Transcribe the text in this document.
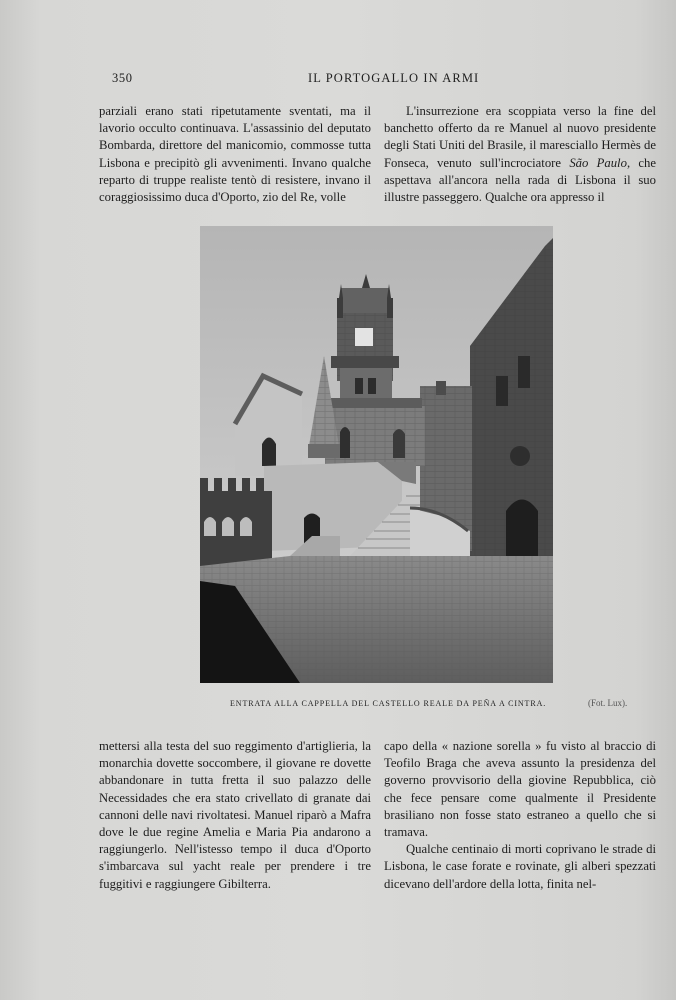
350	IL PORTOGALLO IN ARMI

parziali erano stati ripetutamente sventati, ma il lavorio occulto continuava. L'assassinio del deputato Bombarda, direttore del manicomio, commosse tutta Lisbona e precipitò gli avvenimenti. Invano qualche reparto di truppe realiste tentò di resistere, invano il coraggiosissimo duca d'Oporto, zio del Re, volle

L'insurrezione era scoppiata verso la fine del banchetto offerto da re Manuel al nuovo presidente degli Stati Uniti del Brasile, il maresciallo Hermès de Fonseca, venuto sull'incrociatore São Paulo, che aspettava all'ancora nella rada di Lisbona il suo illustre passeggero. Qualche ora appresso il

ENTRATA ALLA CAPPELLA DEL CASTELLO REALE DA PEÑA A CINTRA.	(Fot. Lux).

mettersi alla testa del suo reggimento d'artiglieria, la monarchia dovette soccombere, il giovane re dovette abbandonare in tutta fretta il suo palazzo delle Necessidades che era stato crivellato di granate dai cannoni delle navi rivoltatesi. Manuel riparò a Mafra dove le due regine Amelia e Maria Pia andarono a raggiungerlo. Nell'istesso tempo il duca d'Oporto s'imbarcava sul yacht reale per prendere i tre fuggitivi e raggiungere Gibilterra.

capo della « nazione sorella » fu visto al braccio di Teofilo Braga che aveva assunto la presidenza del governo provvisorio della giovine Repubblica, ciò che fece pensare come qualmente il Presidente brasiliano non fosse stato estraneo a quello che si tramava.

Qualche centinaio di morti coprivano le strade di Lisbona, le case forate e rovinate, gli alberi spezzati dicevano dell'ardore della lotta, finita nel-
